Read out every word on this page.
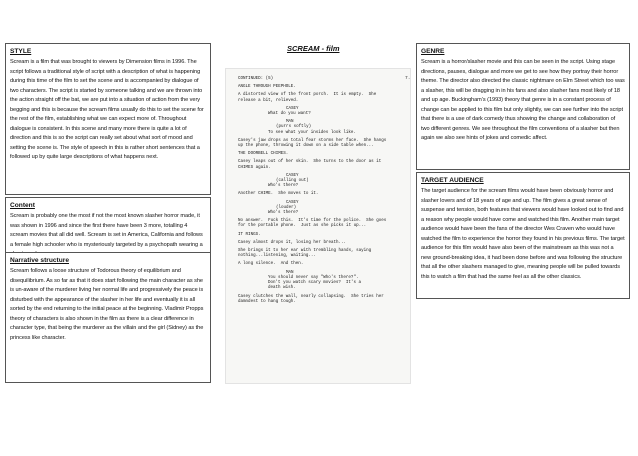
STYLE
Scream is a film that was brought to viewers by Dimension films in 1996. The script follows a traditional style of script with a description of what is happening during this time of the film to set the scene and is accompanied by dialogue of two characters. The script is started by someone talking and we are thrown into the action straight off the bat, we are put into a situation of action from the very begging and this is because the scream films usually do this to set the scene for the rest of the film, establishing what we can expect more of. Throughout dialogue is consistent. In this scene and many more there is quite a lot of direction and this is so the script can really set about what sort of mood and setting the scene is. The style of speech in this is rather short sentences that a followed up by quite large descriptions of what happens next.
Content
Scream is probably one the most if not the most known slasher horror made, it was shown in 1996 and since the first there have been 3 more, totalling 4 scream movies that all did well. Scream is set in America, California and follows a female high schooler who is mysteriously targeted by a psychopath wearing a
Narrative structure
Scream follows a loose structure of Todorous theory of equilibrium and disequilibrium. As so far as that it does start following the main character as she is un-aware of the murderer living her normal life and progressively the peace is disturbed with the appearance of the slasher in her life and eventually it is all sorted by the end returning to the initial peace at the beginning. Vladimir Propps theory of characters is also shown in the film as there is a clear difference in character type, that being the murderer as the villain and the girl (Sidney) as the princess like character.
SCREAM - film
CONTINUED: (5)
ANGLE THROUGH PEEPHOLE.
A distorted view of the front porch.  It is empty.  She
release a bit, relieved.
CASEY
What do you want?
MAN
(purrs softly)
To see what your insides look like.
Casey's jaw drops as total fear storms her face.  She hangs
up the phone, throwing it down on a side table when...
THE DOORBELL CHIMES.
Casey leaps out of her skin.  She turns to the door as it
CHIMES again.
CASEY
(calling out)
Who's there?
Another CHIME.  She moves to it.
CASEY
(louder)
Who's there?
No answer.  Fuck this.  It's time for the police.  She goes
for the portable phone.  Just as she picks it up...
IT RINGS.
Casey almost drops it, losing her breath...
She brings it to her ear with trembling hands, saying
nothing...listening, waiting...
A long silence.  And then.
MAN
You should never say "Who's there?".
Don't you watch scary movies?  It's a
death wish.
Casey clutches the wall, nearly collapsing.  She tries her
damndest to hang tough.
7.
GENRE
Scream is a horror/slasher movie and this can be seen in the script. Using stage directions, pauses, dialogue and more we get to see how they portray their horror theme. The director also directed the classic nightmare on Elm Street which too was a slasher, this will be dragging in in his fans and also slasher fans most likely of 18 and up age. Buckingham’s (1993) theory that genre is in a constant process of change can be applied to this film but only slightly, we can see further into the script that there is a use of dark comedy thus showing the change and collaboration of two different genres. We see throughout the film conventions of a slasher but then again we also see hints of jokes and comedic affect.
TARGET AUDIENCE
The target audience for the scream films would have been obviously horror and slasher lovers and of 18 years of age and up. The film gives a great sense of suspense and tension, both features that viewers would have looked out to find and a reason why people would have come and watched this film. Another main target audience would have been the fans of the director Wes Craven who would have watched the film to experience the horror they found in his previous films. The target audience for this film would have also been of the mainstream as this was not a new ground-breaking idea, it had been done before and was following the structure that all the other slashers managed to give, meaning people will be pulled towards this to watch a film that had the same feel as all the other classics.
